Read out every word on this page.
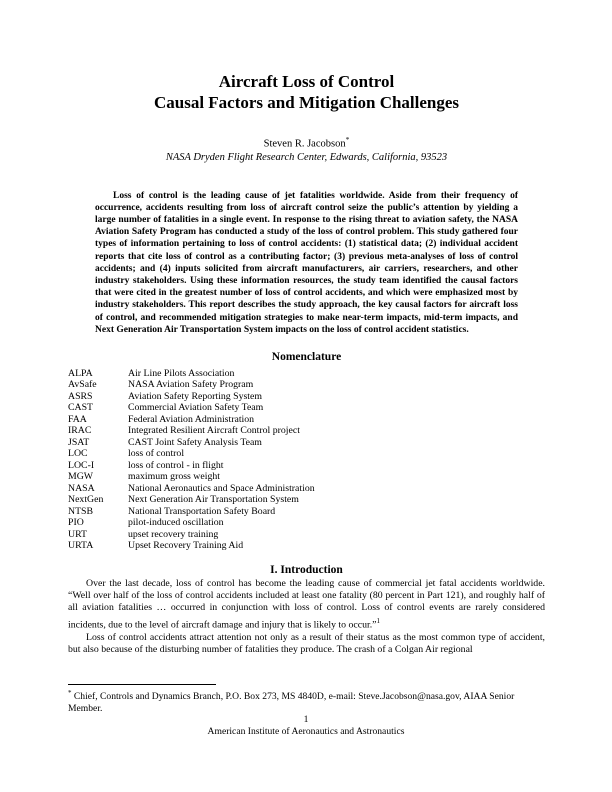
Aircraft Loss of Control
Causal Factors and Mitigation Challenges
Steven R. Jacobson*
NASA Dryden Flight Research Center, Edwards, California, 93523

Loss of control is the leading cause of jet fatalities worldwide. Aside from their frequency of occurrence, accidents resulting from loss of aircraft control seize the public’s attention by yielding a large number of fatalities in a single event. In response to the rising threat to aviation safety, the NASA Aviation Safety Program has conducted a study of the loss of control problem. This study gathered four types of information pertaining to loss of control accidents: (1) statistical data; (2) individual accident reports that cite loss of control as a contributing factor; (3) previous meta-analyses of loss of control accidents; and (4) inputs solicited from aircraft manufacturers, air carriers, researchers, and other industry stakeholders. Using these information resources, the study team identified the causal factors that were cited in the greatest number of loss of control accidents, and which were emphasized most by industry stakeholders. This report describes the study approach, the key causal factors for aircraft loss of control, and recommended mitigation strategies to make near-term impacts, mid-term impacts, and Next Generation Air Transportation System impacts on the loss of control accident statistics.

Nomenclature
ALPA	Air Line Pilots Association
AvSafe	NASA Aviation Safety Program
ASRS	Aviation Safety Reporting System
CAST	Commercial Aviation Safety Team
FAA	Federal Aviation Administration
IRAC	Integrated Resilient Aircraft Control project
JSAT	CAST Joint Safety Analysis Team
LOC	loss of control
LOC-I	loss of control - in flight
MGW	maximum gross weight
NASA	National Aeronautics and Space Administration
NextGen	Next Generation Air Transportation System
NTSB	National Transportation Safety Board
PIO	pilot-induced oscillation
URT	upset recovery training
URTA	Upset Recovery Training Aid
I. Introduction

Over the last decade, loss of control has become the leading cause of commercial jet fatal accidents worldwide. “Well over half of the loss of control accidents included at least one fatality (80 percent in Part 121), and roughly half of all aviation fatalities … occurred in conjunction with loss of control. Loss of control events are rarely considered incidents, due to the level of aircraft damage and injury that is likely to occur.”$^1$

Loss of control accidents attract attention not only as a result of their status as the most common type of accident, but also because of the disturbing number of fatalities they produce. The crash of a Colgan Air regional

* Chief, Controls and Dynamics Branch, P.O. Box 273, MS 4840D, e-mail: Steve.Jacobson@nasa.gov, AIAA Senior Member.
1
American Institute of Aeronautics and Astronautics
